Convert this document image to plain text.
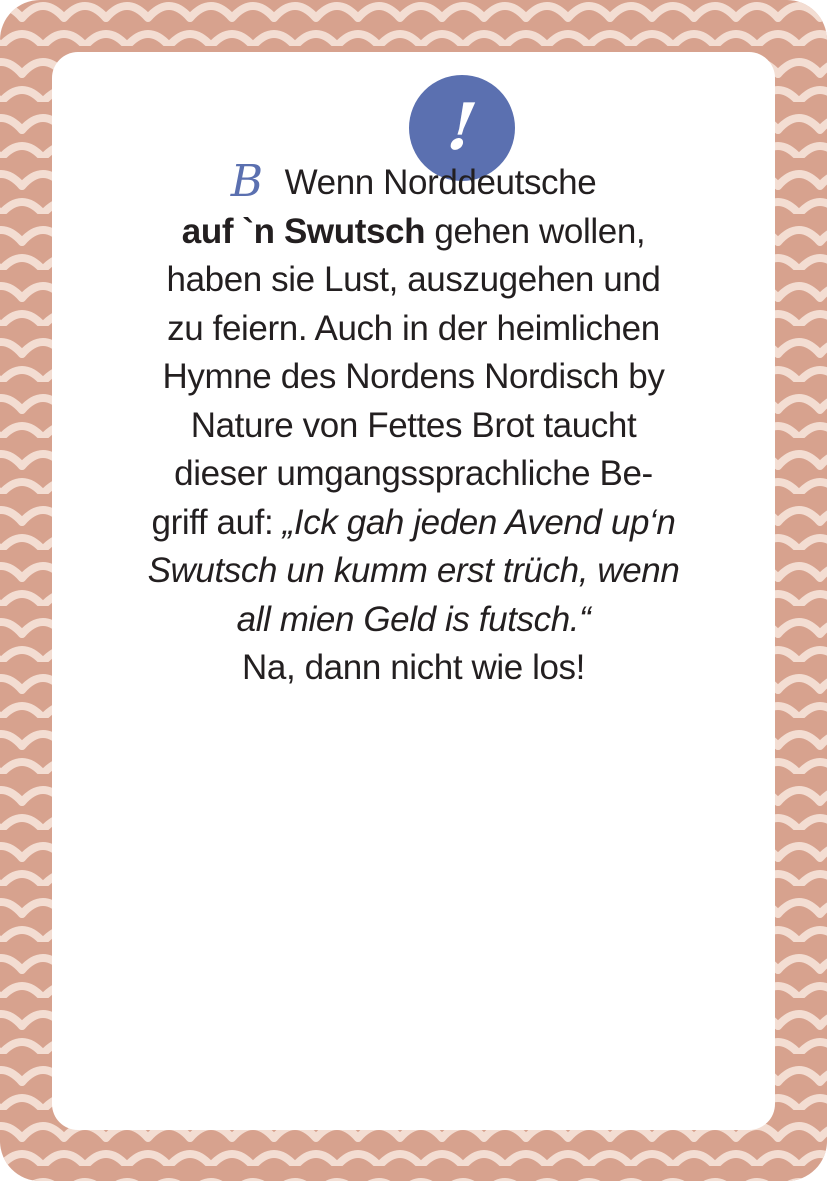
!
B Wenn Norddeutsche
auf `n Swutsch gehen wollen,
haben sie Lust, auszugehen und
zu feiern. Auch in der heimlichen
Hymne des Nordens Nordisch by
Nature von Fettes Brot taucht
dieser umgangssprachliche Be-
griff auf: „Ick gah jeden Avend up‘n
Swutsch un kumm erst trüch, wenn
all mien Geld is futsch.“
Na, dann nicht wie los!
